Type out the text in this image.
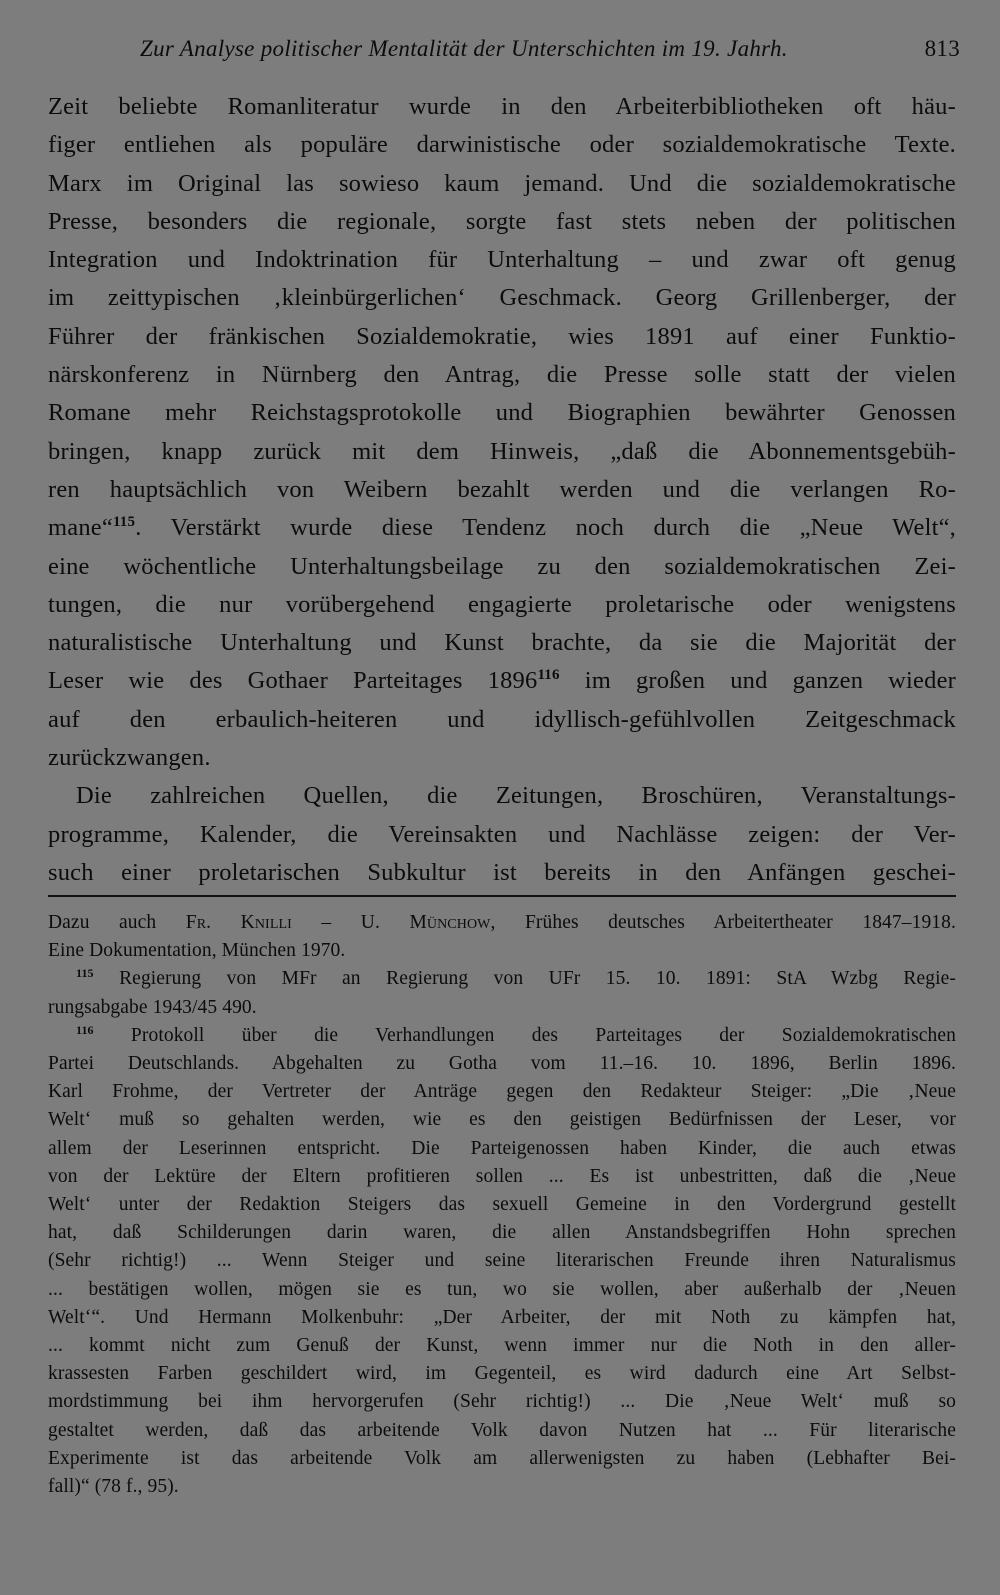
Zur Analyse politischer Mentalität der Unterschichten im 19. Jahrh.	813
Zeit beliebte Romanliteratur wurde in den Arbeiterbibliotheken oft häu-
figer entliehen als populäre darwinistische oder sozialdemokratische Texte.
Marx im Original las sowieso kaum jemand. Und die sozialdemokratische
Presse, besonders die regionale, sorgte fast stets neben der politischen
Integration und Indoktrination für Unterhaltung – und zwar oft genug
im zeittypischen ‚kleinbürgerlichen‘ Geschmack. Georg Grillenberger, der
Führer der fränkischen Sozialdemokratie, wies 1891 auf einer Funktio-
närskonferenz in Nürnberg den Antrag, die Presse solle statt der vielen
Romane mehr Reichstagsprotokolle und Biographien bewährter Genossen
bringen, knapp zurück mit dem Hinweis, „daß die Abonnementsgebüh-
ren hauptsächlich von Weibern bezahlt werden und die verlangen Ro-
mane“$^{115}$. Verstärkt wurde diese Tendenz noch durch die „Neue Welt“,
eine wöchentliche Unterhaltungsbeilage zu den sozialdemokratischen Zei-
tungen, die nur vorübergehend engagierte proletarische oder wenigstens
naturalistische Unterhaltung und Kunst brachte, da sie die Majorität der
Leser wie des Gothaer Parteitages 1896$^{116}$ im großen und ganzen wieder
auf den erbaulich-heiteren und idyllisch-gefühlvollen Zeitgeschmack
zurückzwangen.
Die zahlreichen Quellen, die Zeitungen, Broschüren, Veranstaltungs-
programme, Kalender, die Vereinsakten und Nachlässe zeigen: der Ver-
such einer proletarischen Subkultur ist bereits in den Anfängen geschei-
Dazu auch Fr. Knilli – U. Münchow, Frühes deutsches Arbeitertheater 1847–1918.
Eine Dokumentation, München 1970.
$^{115}$ Regierung von MFr an Regierung von UFr 15. 10. 1891: StA Wzbg Regie-
rungsabgabe 1943/45 490.
$^{116}$ Protokoll über die Verhandlungen des Parteitages der Sozialdemokratischen
Partei Deutschlands. Abgehalten zu Gotha vom 11.–16. 10. 1896, Berlin 1896.
Karl Frohme, der Vertreter der Anträge gegen den Redakteur Steiger: „Die ‚Neue
Welt‘ muß so gehalten werden, wie es den geistigen Bedürfnissen der Leser, vor
allem der Leserinnen entspricht. Die Parteigenossen haben Kinder, die auch etwas
von der Lektüre der Eltern profitieren sollen ... Es ist unbestritten, daß die ‚Neue
Welt‘ unter der Redaktion Steigers das sexuell Gemeine in den Vordergrund gestellt
hat, daß Schilderungen darin waren, die allen Anstandsbegriffen Hohn sprechen
(Sehr richtig!) ... Wenn Steiger und seine literarischen Freunde ihren Naturalismus
... bestätigen wollen, mögen sie es tun, wo sie wollen, aber außerhalb der ‚Neuen
Welt‘“. Und Hermann Molkenbuhr: „Der Arbeiter, der mit Noth zu kämpfen hat,
... kommt nicht zum Genuß der Kunst, wenn immer nur die Noth in den aller-
krassesten Farben geschildert wird, im Gegenteil, es wird dadurch eine Art Selbst-
mordstimmung bei ihm hervorgerufen (Sehr richtig!) ... Die ‚Neue Welt‘ muß so
gestaltet werden, daß das arbeitende Volk davon Nutzen hat ... Für literarische
Experimente ist das arbeitende Volk am allerwenigsten zu haben (Lebhafter Bei-
fall)“ (78 f., 95).
